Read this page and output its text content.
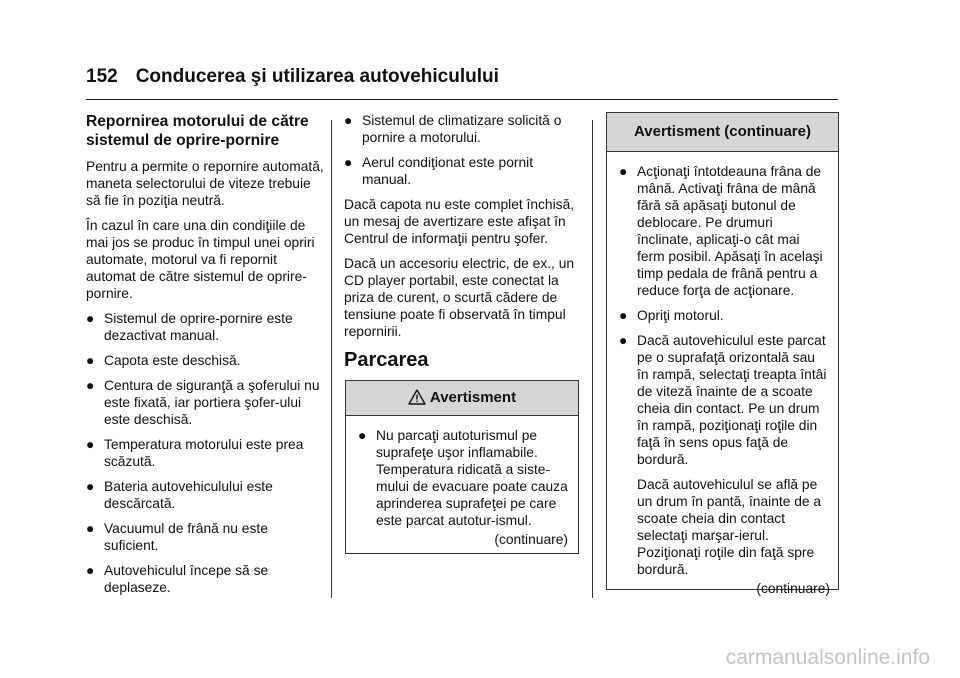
152 Conducerea şi utilizarea autovehiculului
Repornirea motorului de către sistemul de oprire-pornire

Pentru a permite o repornire automată, maneta selectorului de viteze trebuie să fie în poziţia neutră.

În cazul în care una din condiţiile de mai jos se produc în timpul unei opriri automate, motorul va fi repornit automat de către sistemul de oprire-pornire.

● Sistemul de oprire-pornire este dezactivat manual.
● Capota este deschisă.
● Centura de siguranţă a şoferului nu este fixată, iar portiera şofer-ului este deschisă.
● Temperatura motorului este prea scăzută.
● Bateria autovehiculului este descărcată.
● Vacuumul de frână nu este suficient.
● Autovehiculul începe să se deplaseze.
● Sistemul de climatizare solicită o pornire a motorului.
● Aerul condiţionat este pornit manual.

Dacă capota nu este complet închisă, un mesaj de avertizare este afişat în Centrul de informaţii pentru şofer.

Dacă un accesoriu electric, de ex., un CD player portabil, este conectat la priza de curent, o scurtă cădere de tensiune poate fi observată în timpul repornirii.

Parcarea
Avertisment
● Nu parcaţi autoturismul pe suprafeţe uşor inflamabile. Temperatura ridicată a siste-mului de evacuare poate cauza aprinderea suprafeţei pe care este parcat autotur-ismul.

(continuare)

Avertisment (continuare)
● Acţionaţi întotdeauna frâna de mână. Activaţi frâna de mână fără să apăsaţi butonul de deblocare. Pe drumuri înclinate, aplicaţi-o cât mai ferm posibil. Apăsaţi în acelaşi timp pedala de frână pentru a reduce forţa de acţionare.
● Opriţi motorul.
● Dacă autovehiculul este parcat pe o suprafaţă orizontală sau în rampă, selectaţi treapta întâi de viteză înainte de a scoate cheia din contact. Pe un drum în rampă, poziţionaţi roţile din faţă în sens opus faţă de bordură.

Dacă autovehiculul se află pe un drum în pantă, înainte de a scoate cheia din contact selectaţi marşar-ierul. Poziţionaţi roţile din faţă spre bordură.

(continuare)

carmanualsonline.info
